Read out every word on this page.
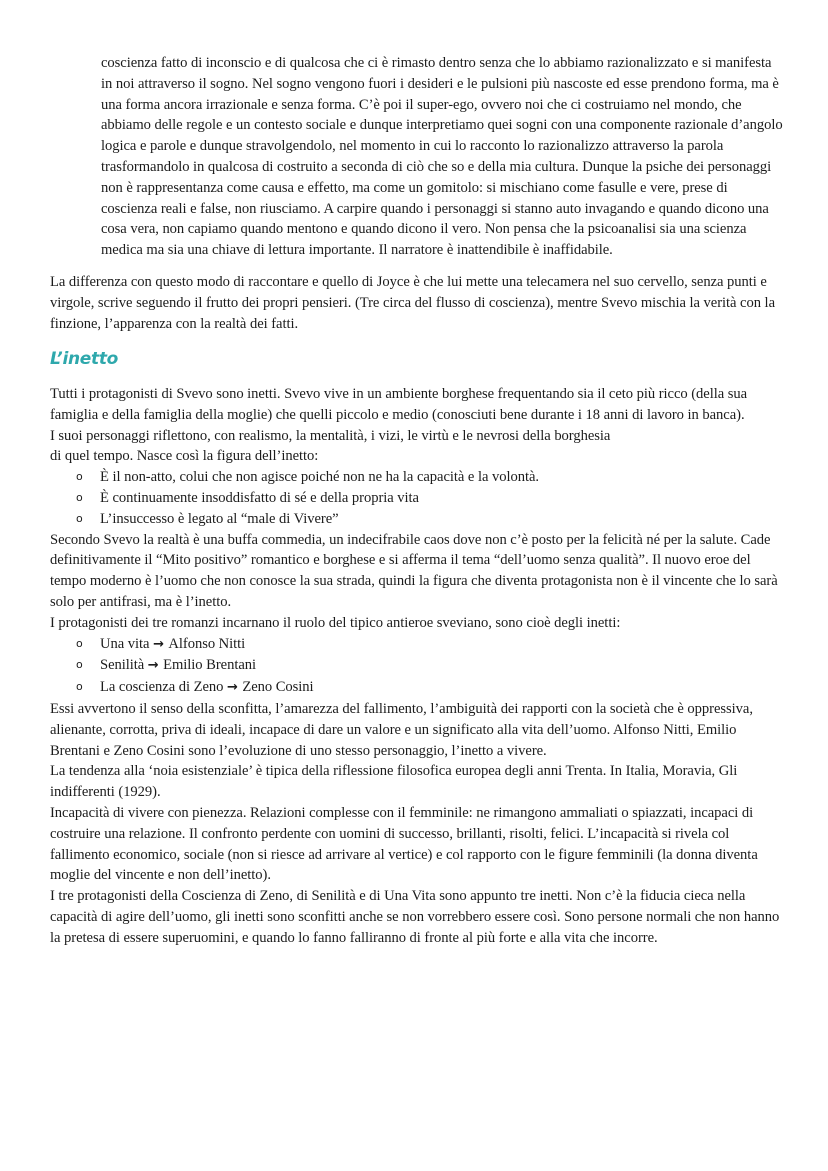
coscienza fatto di inconscio e di qualcosa che ci è rimasto dentro senza che lo abbiamo razionalizzato e si manifesta in noi attraverso il sogno. Nel sogno vengono fuori i desideri e le pulsioni più nascoste ed esse prendono forma, ma è una forma ancora irrazionale e senza forma. C’è poi il super-ego, ovvero noi che ci costruiamo nel mondo, che abbiamo delle regole e un contesto sociale e dunque interpretiamo quei sogni con una componente razionale d’angolo logica e parole e dunque stravolgendolo, nel momento in cui lo racconto lo razionalizzo attraverso la parola trasformandolo in qualcosa di costruito a seconda di ciò che so e della mia cultura. Dunque la psiche dei personaggi non è rappresentanza come causa e effetto, ma come un gomitolo: si mischiano come fasulle e vere, prese di coscienza reali e false, non riusciamo. A carpire quando i personaggi si stanno auto invagando e quando dicono una cosa vera, non capiamo quando mentono e quando dicono il vero. Non pensa che la psicoanalisi sia una scienza medica ma sia una chiave di lettura importante. Il narratore è inattendibile è inaffidabile.

La differenza con questo modo di raccontare e quello di Joyce è che lui mette una telecamera nel suo cervello, senza punti e virgole, scrive seguendo il frutto dei propri pensieri. (Tre circa del flusso di coscienza), mentre Svevo mischia la verità con la finzione, l’apparenza con la realtà dei fatti.

L’inetto

Tutti i protagonisti di Svevo sono inetti. Svevo vive in un ambiente borghese frequentando sia il ceto più ricco (della sua famiglia e della famiglia della moglie) che quelli piccolo e medio (conosciuti bene durante i 18 anni di lavoro in banca).

I suoi personaggi riflettono, con realismo, la mentalità, i vizi, le virtù e le nevrosi della borghesia

di quel tempo. Nasce così la figura dell’inetto:

o È il non-atto, colui che non agisce poiché non ne ha la capacità e la volontà.
o È continuamente insoddisfatto di sé e della propria vita
o L’insuccesso è legato al “male di Vivere”

Secondo Svevo la realtà è una buffa commedia, un indecifrabile caos dove non c’è posto per la felicità né per la salute. Cade definitivamente il “Mito positivo” romantico e borghese e si afferma il tema “dell’uomo senza qualità”. Il nuovo eroe del tempo moderno è l’uomo che non conosce la sua strada, quindi la figura che diventa protagonista non è il vincente che lo sarà solo per antifrasi, ma è l’inetto.

I protagonisti dei tre romanzi incarnano il ruolo del tipico antieroe sveviano, sono cioè degli inetti:

o Una vita → Alfonso Nitti
o Senilità → Emilio Brentani
o La coscienza di Zeno → Zeno Cosini

Essi avvertono il senso della sconfitta, l’amarezza del fallimento, l’ambiguità dei rapporti con la società che è oppressiva, alienante, corrotta, priva di ideali, incapace di dare un valore e un significato alla vita dell’uomo. Alfonso Nitti, Emilio Brentani e Zeno Cosini sono l’evoluzione di uno stesso personaggio, l’inetto a vivere.

La tendenza alla ‘noia esistenziale’ è tipica della riflessione filosofica europea degli anni Trenta. In Italia, Moravia, Gli indifferenti (1929).

Incapacità di vivere con pienezza. Relazioni complesse con il femminile: ne rimangono ammaliati o spiazzati, incapaci di costruire una relazione. Il confronto perdente con uomini di successo, brillanti, risolti, felici. L’incapacità si rivela col fallimento economico, sociale (non si riesce ad arrivare al vertice) e col rapporto con le figure femminili (la donna diventa moglie del vincente e non dell’inetto).

I tre protagonisti della Coscienza di Zeno, di Senilità e di Una Vita sono appunto tre inetti. Non c’è la fiducia cieca nella capacità di agire dell’uomo, gli inetti sono sconfitti anche se non vorrebbero essere così. Sono persone normali che non hanno la pretesa di essere superuomini, e quando lo fanno falliranno di fronte al più forte e alla vita che incorre.
